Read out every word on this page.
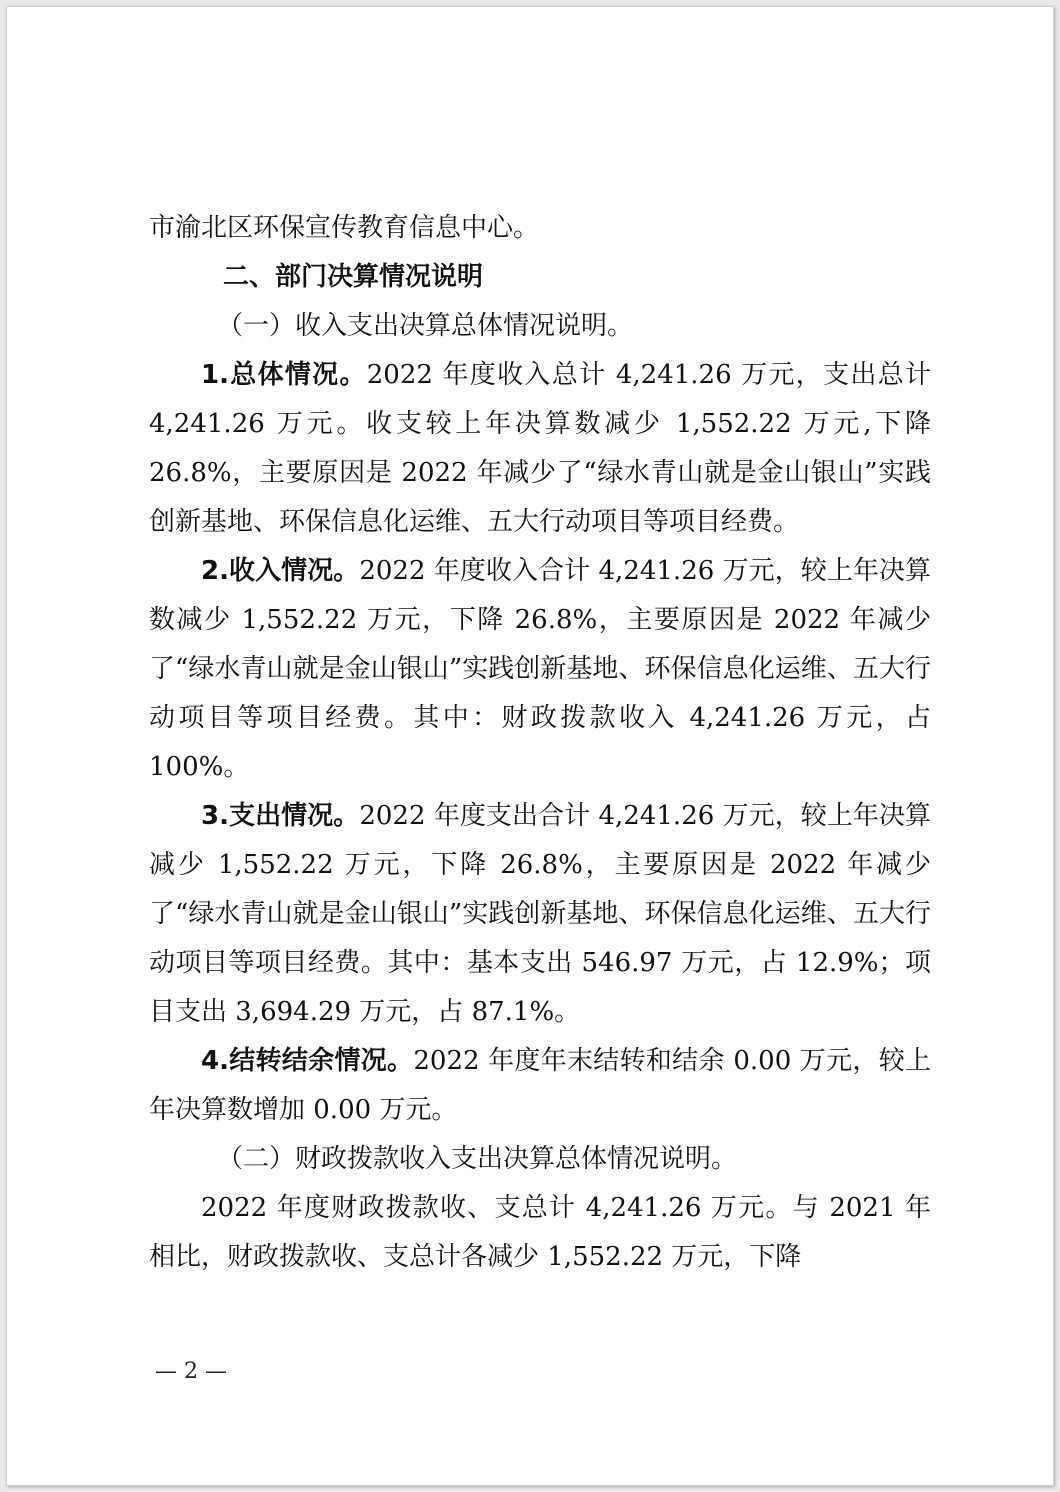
市渝北区环保宣传教育信息中心。

二、部门决算情况说明

（一）收入支出决算总体情况说明。

1.总体情况。2022 年度收入总计 4,241.26 万元，支出总计 4,241.26 万元。收支较上年决算数减少 1,552.22 万元,下降 26.8%，主要原因是 2022 年减少了“绿水青山就是金山银山”实践创新基地、环保信息化运维、五大行动项目等项目经费。

2.收入情况。2022 年度收入合计 4,241.26 万元，较上年决算数减少 1,552.22 万元，下降 26.8%，主要原因是 2022 年减少了“绿水青山就是金山银山”实践创新基地、环保信息化运维、五大行动项目等项目经费。其中：财政拨款收入 4,241.26 万元，占 100%。

3.支出情况。2022 年度支出合计 4,241.26 万元，较上年决算减少 1,552.22 万元，下降 26.8%，主要原因是 2022 年减少了“绿水青山就是金山银山”实践创新基地、环保信息化运维、五大行动项目等项目经费。其中：基本支出 546.97 万元，占 12.9%；项目支出 3,694.29 万元，占 87.1%。

4.结转结余情况。2022 年度年末结转和结余 0.00 万元，较上年决算数增加 0.00 万元。

（二）财政拨款收入支出决算总体情况说明。

2022 年度财政拨款收、支总计 4,241.26 万元。与 2021 年相比，财政拨款收、支总计各减少 1,552.22 万元，下降

— 2 —
